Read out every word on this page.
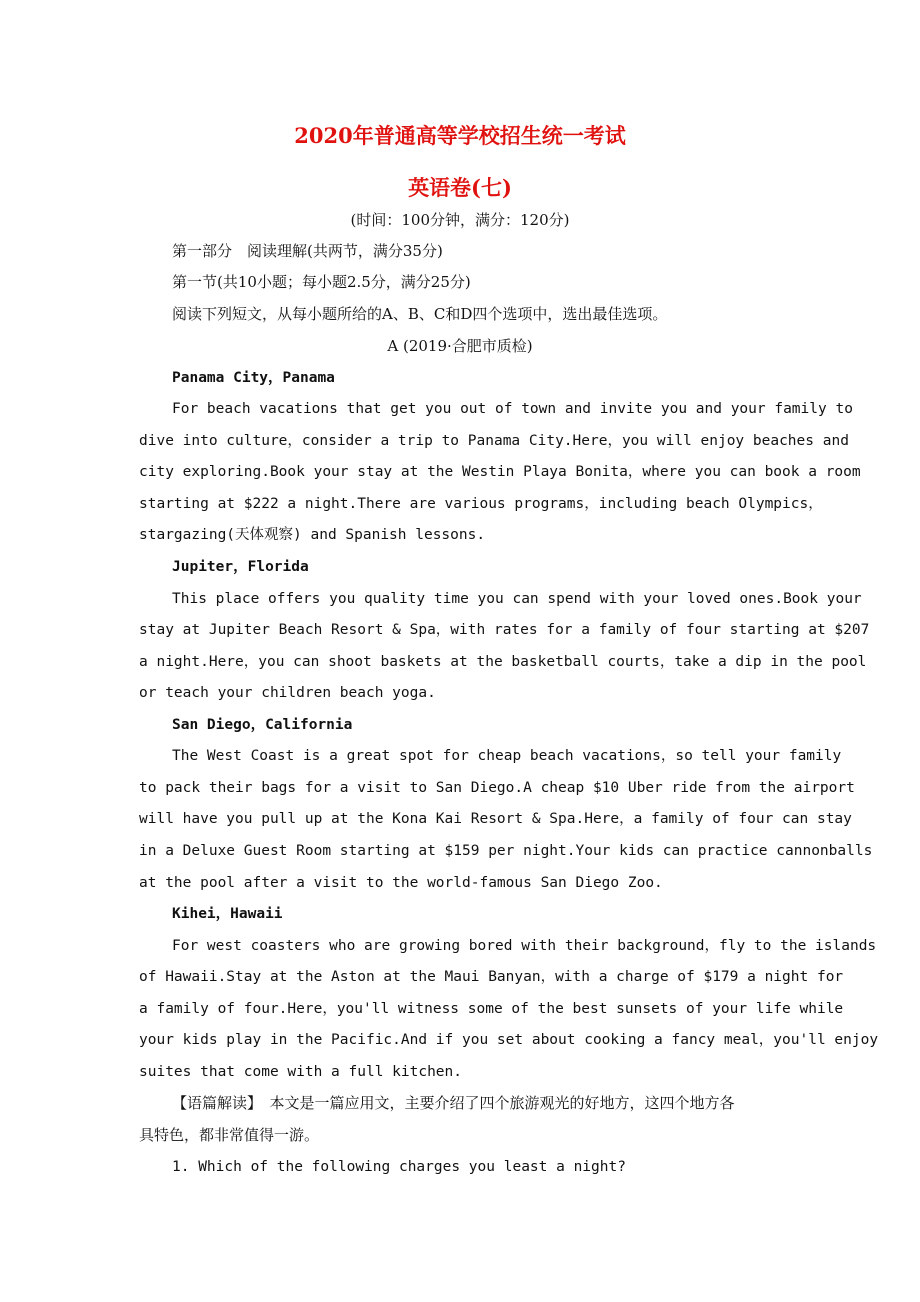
2020年普通高等学校招生统一考试
英语卷(七)
(时间：100分钟，满分：120分)
第一部分　阅读理解(共两节，满分35分)
第一节(共10小题；每小题2.5分，满分25分)
阅读下列短文，从每小题所给的A、B、C和D四个选项中，选出最佳选项。
A (2019·合肥市质检)
Panama City，Panama
For beach vacations that get you out of town and invite you and your family to
dive into culture，consider a trip to Panama City.Here，you will enjoy beaches and
city exploring.Book your stay at the Westin Playa Bonita，where you can book a room
starting at $222 a night.There are various programs，including beach Olympics，
stargazing(天体观察) and Spanish lessons.
Jupiter，Florida
This place offers you quality time you can spend with your loved ones.Book your
stay at Jupiter Beach Resort & Spa，with rates for a family of four starting at $207
a night.Here，you can shoot baskets at the basketball courts，take a dip in the pool
or teach your children beach yoga.
San Diego，California
The West Coast is a great spot for cheap beach vacations，so tell your family
to pack their bags for a visit to San Diego.A cheap $10 Uber ride from the airport
will have you pull up at the Kona Kai Resort & Spa.Here，a family of four can stay
in a Deluxe Guest Room starting at $159 per night.Your kids can practice cannonballs
at the pool after a visit to the world-famous San Diego Zoo.
Kihei，Hawaii
For west coasters who are growing bored with their background，fly to the islands
of Hawaii.Stay at the Aston at the Maui Banyan，with a charge of $179 a night for
a family of four.Here，you'll witness some of the best sunsets of your life while
your kids play in the Pacific.And if you set about cooking a fancy meal，you'll enjoy
suites that come with a full kitchen.
【语篇解读】　本文是一篇应用文，主要介绍了四个旅游观光的好地方，这四个地方各
具特色，都非常值得一游。
1. Which of the following charges you least a night?
